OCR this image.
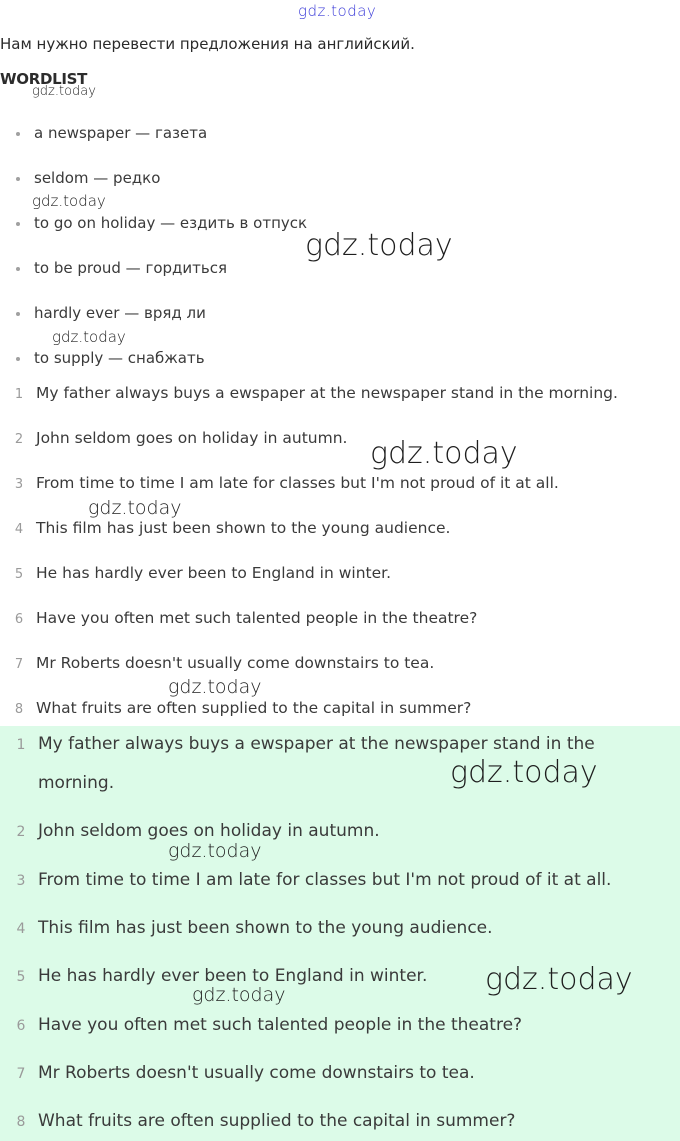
gdz.today
Нам нужно перевести предложения на английский.
WORDLIST
gdz.today
a newspaper — газета
seldom — редко
gdz.today
to go on holiday — ездить в отпуск
gdz.today
to be proud — гордиться
hardly ever — вряд ли
gdz.today
to supply — снабжать
1 My father always buys a ewspaper at the newspaper stand in the morning.
2 John seldom goes on holiday in autumn. gdz.today
3 From time to time I am late for classes but I'm not proud of it at all.
gdz.today
4 This film has just been shown to the young audience.
5 He has hardly ever been to England in winter.
6 Have you often met such talented people in the theatre?
7 Mr Roberts doesn't usually come downstairs to tea.
gdz.today
8 What fruits are often supplied to the capital in summer?
1 My father always buys a ewspaper at the newspaper stand in the
morning.	gdz.today
2 John seldom goes on holiday in autumn.
gdz.today
3 From time to time I am late for classes but I'm not proud of it at all.
4 This film has just been shown to the young audience.
5 He has hardly ever been to England in winter. gdz.today
gdz.today
6 Have you often met such talented people in the theatre?
7 Mr Roberts doesn't usually come downstairs to tea.
8 What fruits are often supplied to the capital in summer?
